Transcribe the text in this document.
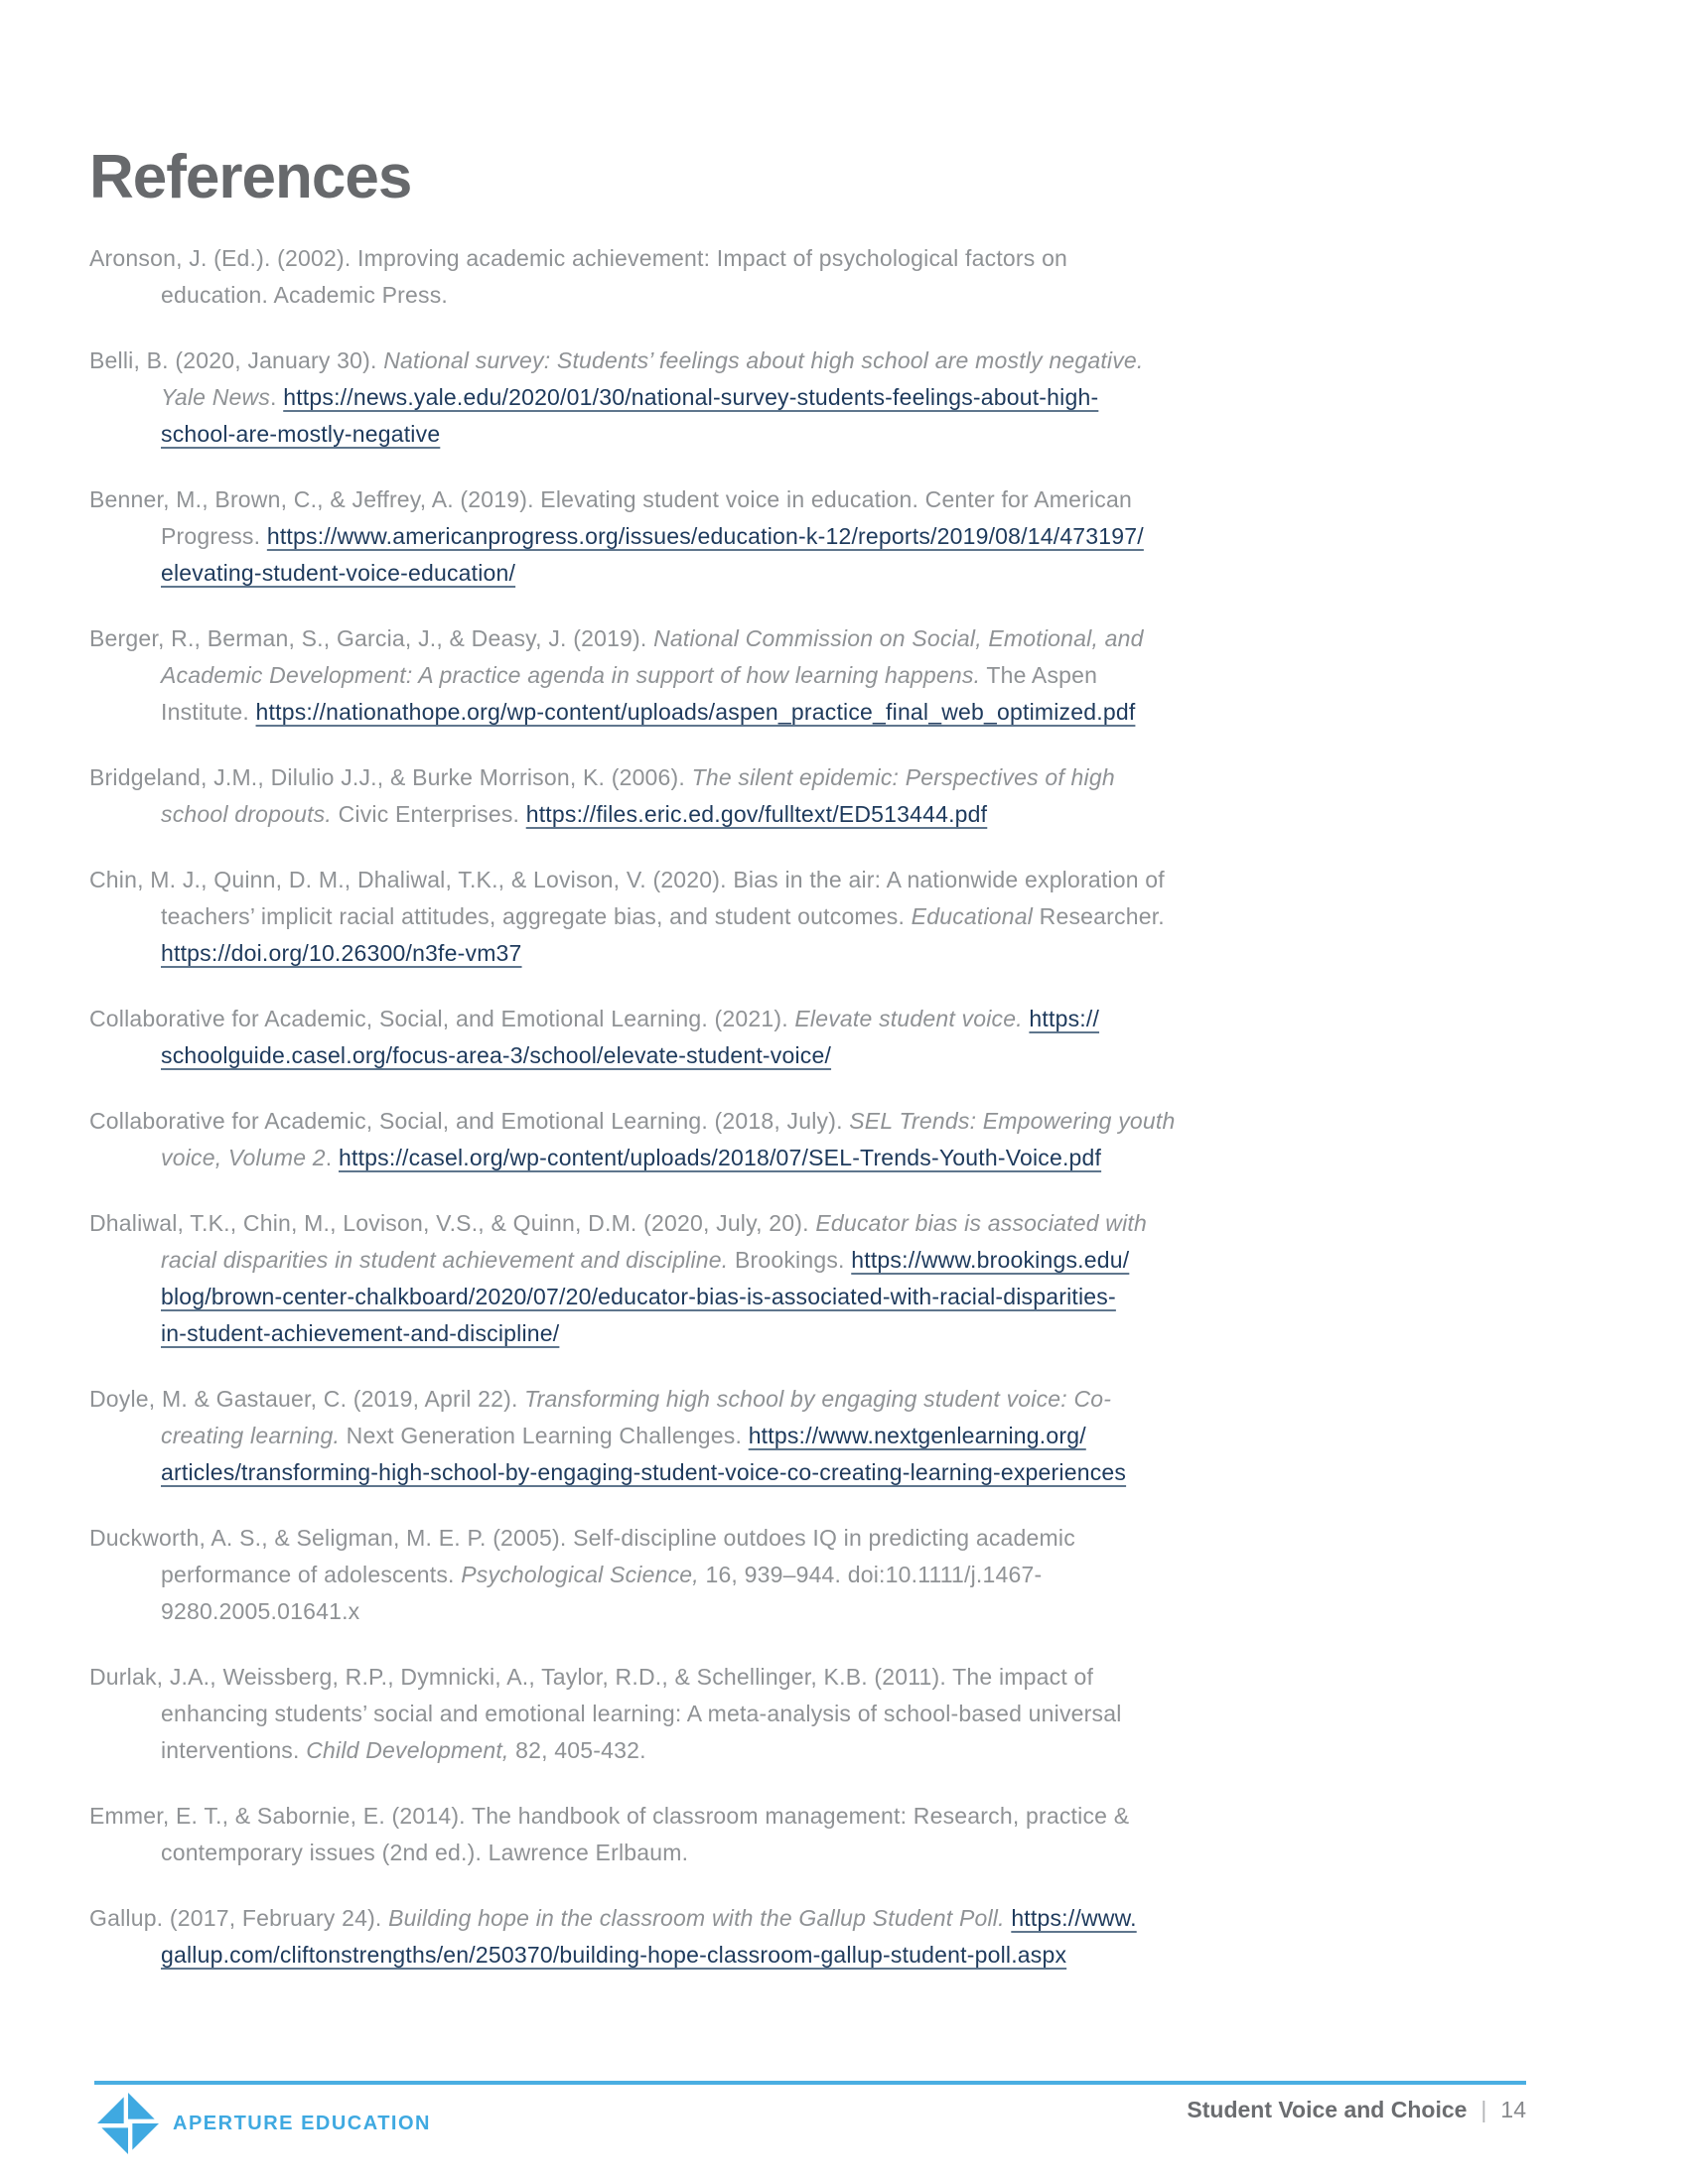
References
Aronson, J. (Ed.). (2002). Improving academic achievement: Impact of psychological factors on
education. Academic Press.
Belli, B. (2020, January 30). National survey: Students’ feelings about high school are mostly negative.
Yale News. https://news.yale.edu/2020/01/30/national-survey-students-feelings-about-high-
school-are-mostly-negative
Benner, M., Brown, C., & Jeffrey, A. (2019). Elevating student voice in education. Center for American
Progress. https://www.americanprogress.org/issues/education-k-12/reports/2019/08/14/473197/
elevating-student-voice-education/
Berger, R., Berman, S., Garcia, J., & Deasy, J. (2019). National Commission on Social, Emotional, and
Academic Development: A practice agenda in support of how learning happens. The Aspen
Institute. https://nationathope.org/wp-content/uploads/aspen_practice_final_web_optimized.pdf
Bridgeland, J.M., Dilulio J.J., & Burke Morrison, K. (2006). The silent epidemic: Perspectives of high
school dropouts. Civic Enterprises. https://files.eric.ed.gov/fulltext/ED513444.pdf
Chin, M. J., Quinn, D. M., Dhaliwal, T.K., & Lovison, V. (2020). Bias in the air: A nationwide exploration of
teachers’ implicit racial attitudes, aggregate bias, and student outcomes. Educational Researcher.
https://doi.org/10.26300/n3fe-vm37
Collaborative for Academic, Social, and Emotional Learning. (2021). Elevate student voice. https://
schoolguide.casel.org/focus-area-3/school/elevate-student-voice/
Collaborative for Academic, Social, and Emotional Learning. (2018, July). SEL Trends: Empowering youth
voice, Volume 2. https://casel.org/wp-content/uploads/2018/07/SEL-Trends-Youth-Voice.pdf
Dhaliwal, T.K., Chin, M., Lovison, V.S., & Quinn, D.M. (2020, July, 20). Educator bias is associated with
racial disparities in student achievement and discipline. Brookings. https://www.brookings.edu/
blog/brown-center-chalkboard/2020/07/20/educator-bias-is-associated-with-racial-disparities-
in-student-achievement-and-discipline/
Doyle, M. & Gastauer, C. (2019, April 22). Transforming high school by engaging student voice: Co-
creating learning. Next Generation Learning Challenges. https://www.nextgenlearning.org/
articles/transforming-high-school-by-engaging-student-voice-co-creating-learning-experiences
Duckworth, A. S., & Seligman, M. E. P. (2005). Self-discipline outdoes IQ in predicting academic
performance of adolescents. Psychological Science, 16, 939–944. doi:10.1111/j.1467-
9280.2005.01641.x
Durlak, J.A., Weissberg, R.P., Dymnicki, A., Taylor, R.D., & Schellinger, K.B. (2011). The impact of
enhancing students’ social and emotional learning: A meta-analysis of school-based universal
interventions. Child Development, 82, 405-432.
Emmer, E. T., & Sabornie, E. (2014). The handbook of classroom management: Research, practice &
contemporary issues (2nd ed.). Lawrence Erlbaum.
Gallup. (2017, February 24). Building hope in the classroom with the Gallup Student Poll. https://www.
gallup.com/cliftonstrengths/en/250370/building-hope-classroom-gallup-student-poll.aspx
APERTURE EDUCATION
Student Voice and Choice | 14
